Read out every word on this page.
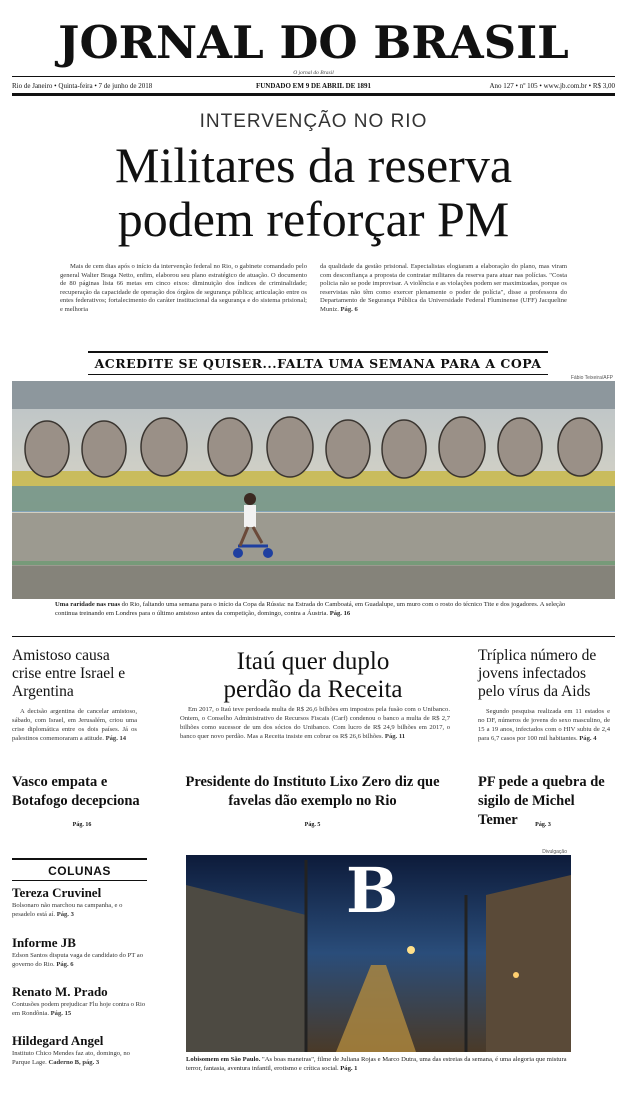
JORNAL DO BRASIL
Rio de Janeiro • Quinta-feira • 7 de junho de 2018	FUNDADO EM 9 DE ABRIL DE 1891	Ano 127 • nº 105 • www.jb.com.br • R$ 3,00
O jornal do Brasil
INTERVENÇÃO NO RIO
Militares da reserva
podem reforçar PM
Mais de cem dias após o início da intervenção federal no Rio, o gabinete comandado pelo general Walter Braga Netto, enfim, elaborou seu plano estratégico de atuação. O documento de 80 páginas lista 66 metas em cinco eixos: diminuição dos índices de criminalidade; recuperação da capacidade de operação dos órgãos de segurança pública; articulação entre os entes federativos; fortalecimento do caráter institucional da segurança e do sistema prisional; e melhoria
da qualidade da gestão prisional. Especialistas elogiaram a elaboração do plano, mas viram com desconfiança a proposta de contratar militares da reserva para atuar nas polícias. "Costa policia não se pode improvisar. A violência e as violações podem ser maximizadas, porque os reservistas não têm como exercer plenamente o poder de polícia", disse a professora do Departamento de Segurança Pública da Universidade Federal Fluminense (UFF) Jacqueline Muniz. Pág. 6
ACREDITE SE QUISER...FALTA UMA SEMANA PARA A COPA
Fábio Teixeira/AFP
Uma raridade nas ruas do Rio, faltando uma semana para o início da Copa da Rússia: na Estrada do Camboatá, em Guadalupe, um muro com o rosto do técnico Tite e dos jogadores. A seleção continua treinando em Londres para o último amistoso antes da competição, domingo, contra a Áustria. Pág. 16
Amistoso causa crise entre Israel e Argentina
A decisão argentina de cancelar amistoso, sábado, com Israel, em Jerusalém, criou uma crise diplomática entre os dois países. Já os palestinos comemoraram a atitude. Pág. 14
Itaú quer duplo
perdão da Receita
Em 2017, o Itaú teve perdoada multa de R$ 26,6 bilhões em impostos pela fusão com o Unibanco. Ontem, o Conselho Administrativo de Recursos Fiscais (Carf) condenou o banco a multa de R$ 2,7 bilhões como sucessor de um dos sócios do Unibanco. Com lucro de R$ 24,9 bilhões em 2017, o banco quer novo perdão. Mas a Receita insiste em cobrar os R$ 26,6 bilhões. Pág. 11
Tríplica número de jovens infectados pelo vírus da Aids
Segundo pesquisa realizada em 11 estados e no DF, números de jovens do sexo masculino, de 15 a 19 anos, infectados com o HIV subiu de 2,4 para 6,7 casos por 100 mil habitantes. Pág. 4
Vasco empata e Botafogo decepciona
Pág. 16
Presidente do Instituto Lixo Zero diz que favelas dão exemplo no Rio
Pág. 5
PF pede a quebra de sigilo de Michel Temer	Pág. 3
COLUNAS
Tereza Cruvinel
Bolsonaro não marchou na campanha, e o pesadelo está aí. Pág. 3
Informe JB
Edson Santos disputa vaga de candidato do PT ao governo do Rio. Pág. 6
Renato M. Prado
Contusões podem prejudicar Flu hoje contra o Rio em Rondônia. Pág. 15
Hildegard Angel
Instituto Chico Mendes faz ato, domingo, no Parque Lage. Caderno B, pág. 3
Divulgação
B
Lobisomem em São Paulo. "As boas maneiras", filme de Juliana Rojas e Marco Dutra, uma das estreias da semana, é uma alegoria que mistura terror, fantasia, aventura infantil, erotismo e crítica social. Pág. 1
